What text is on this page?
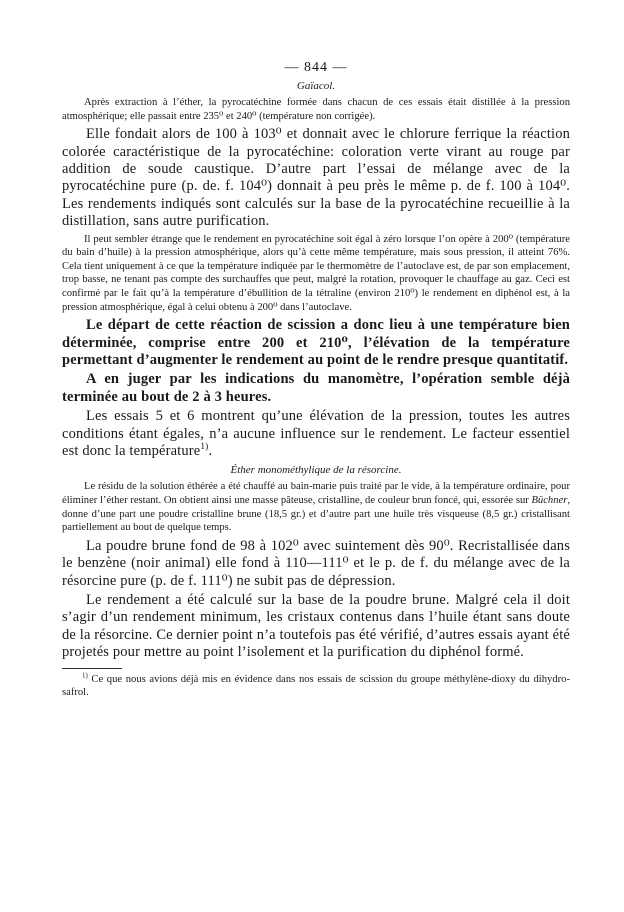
— 844 —

Gaïacol.

Après extraction à l’éther, la pyrocatéchine formée dans chacun de ces essais était distillée à la pression atmosphérique; elle passait entre 235⁰ et 240⁰ (température non corrigée).

Elle fondait alors de 100 à 103⁰ et donnait avec le chlorure ferrique la réaction colorée caractéristique de la pyrocatéchine: coloration verte virant au rouge par addition de soude caustique. D’autre part l’essai de mélange avec de la pyrocatéchine pure (p. de. f. 104⁰) donnait à peu près le même p. de f. 100 à 104⁰. Les rendements indiqués sont calculés sur la base de la pyrocatéchine recueillie à la distillation, sans autre purification.

Il peut sembler étrange que le rendement en pyrocatéchine soit égal à zéro lorsque l’on opère à 200⁰ (température du bain d’huile) à la pression atmosphérique, alors qu’à cette même température, mais sous pression, il atteint 76%. Cela tient uniquement à ce que la température indiquée par le thermomètre de l’autoclave est, de par son emplacement, trop basse, ne tenant pas compte des surchauffes que peut, malgré la rotation, provoquer le chauffage au gaz. Ceci est confirmé par le fait qu’à la température d’ébullition de la tétraline (environ 210⁰) le rendement en diphénol est, à la pression atmosphérique, égal à celui obtenu à 200⁰ dans l’autoclave.

Le départ de cette réaction de scission a donc lieu à une température bien déterminée, comprise entre 200 et 210⁰, l’élévation de la température permettant d’augmenter le rendement au point de le rendre presque quantitatif.

A en juger par les indications du manomètre, l’opération semble déjà terminée au bout de 2 à 3 heures.

Les essais 5 et 6 montrent qu’une élévation de la pression, toutes les autres conditions étant égales, n’a aucune influence sur le rendement. Le facteur essentiel est donc la température$^{1)}$.

Éther monométhylique de la résorcine.

Le résidu de la solution éthérée a été chauffé au bain-marie puis traité par le vide, à la température ordinaire, pour éliminer l’éther restant. On obtient ainsi une masse pâteuse, cristalline, de couleur brun foncé, qui, essorée sur Büchner, donne d’une part une poudre cristalline brune (18,5 gr.) et d’autre part une huile très visqueuse (8,5 gr.) cristallisant partiellement au bout de quelque temps.

La poudre brune fond de 98 à 102⁰ avec suintement dès 90⁰. Recristallisée dans le benzène (noir animal) elle fond à 110—111⁰ et le p. de f. du mélange avec de la résorcine pure (p. de f. 111⁰) ne subit pas de dépression.

Le rendement a été calculé sur la base de la poudre brune. Malgré cela il doit s’agir d’un rendement minimum, les cristaux contenus dans l’huile étant sans doute de la résorcine. Ce dernier point n’a toutefois pas été vérifié, d’autres essais ayant été projetés pour mettre au point l’isolement et la purification du diphénol formé.

$^{1)}$ Ce que nous avions déjà mis en évidence dans nos essais de scission du groupe méthylène-dioxy du dihydro-safrol.
